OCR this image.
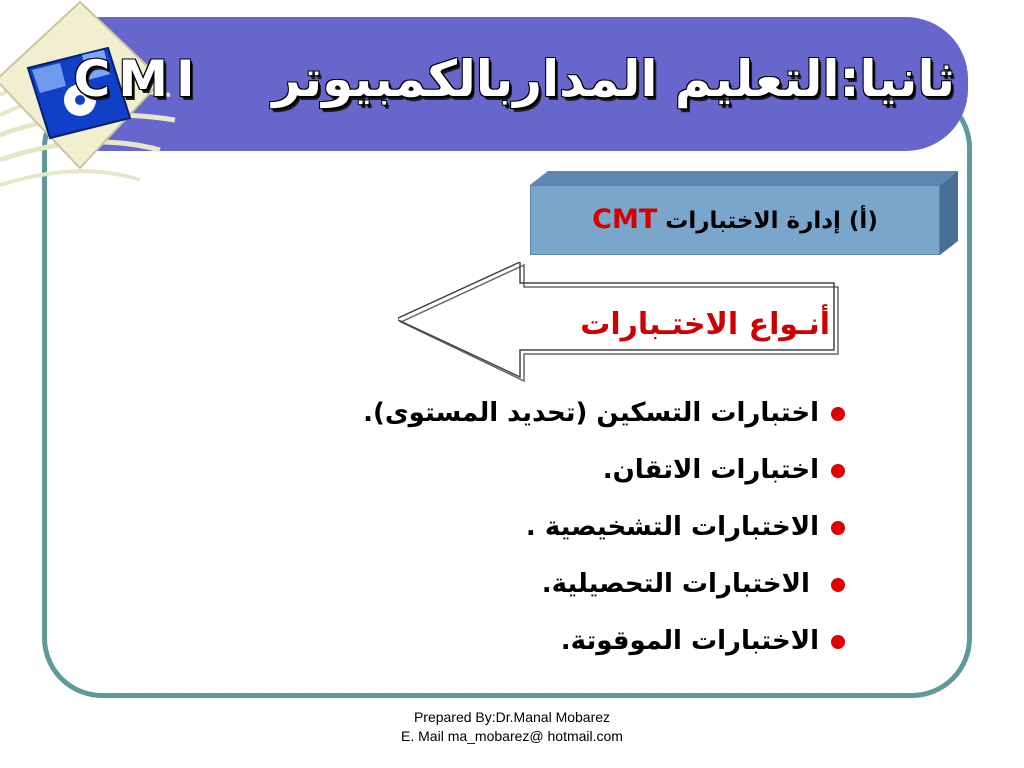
ثانيا:التعليم المداربالكمبيوتر    CMI
(أ) إدارة الاختبارات CMT
أنـواع الاختـبارات
اختبارات التسكين (تحديد المستوى).
اختبارات الاتقان.
الاختبارات التشخيصية .
الاختبارات التحصيلية.
الاختبارات الموقوتة.
Prepared By:Dr.Manal Mobarez
E. Mail ma_mobarez@ hotmail.com
